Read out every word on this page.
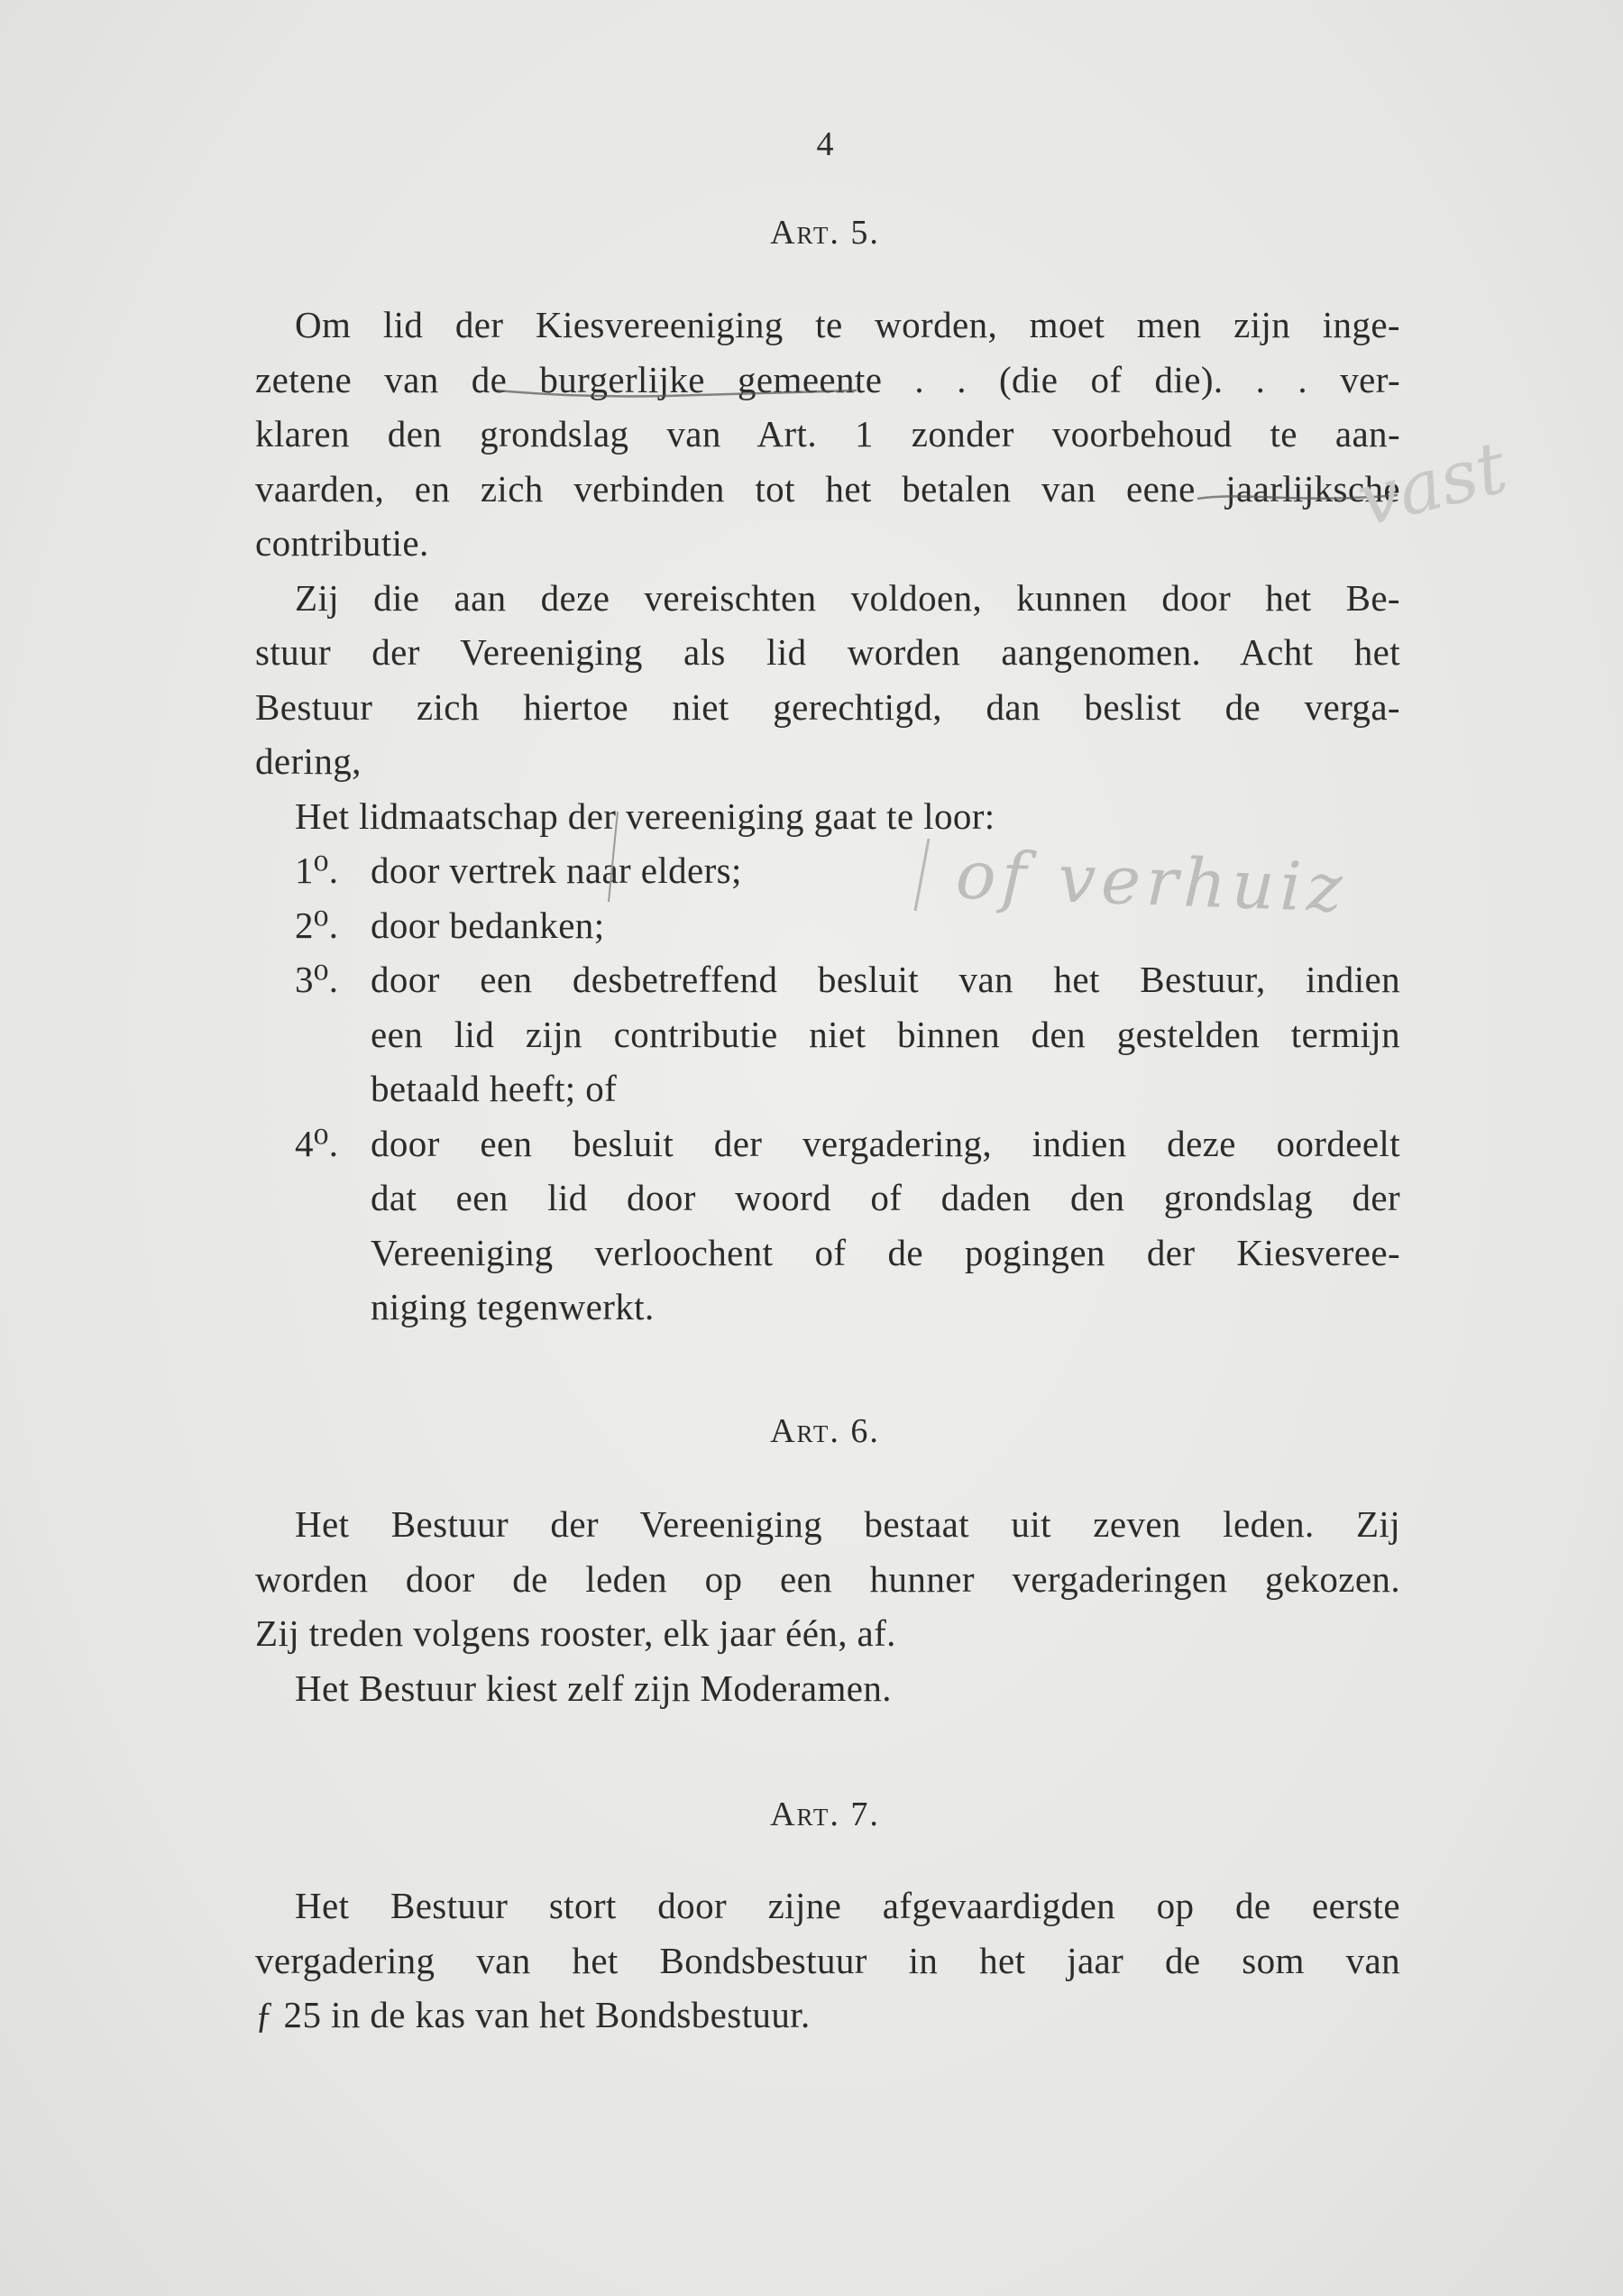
4
Art. 5.
Om lid der Kiesvereeniging te worden, moet men zijn inge-
zetene van de burgerlijke gemeente . . (die of die). . . ver-
klaren den grondslag van Art. 1 zonder voorbehoud te aan-
vaarden, en zich verbinden tot het betalen van eene jaarlijksche
contributie.
Zij die aan deze vereischten voldoen, kunnen door het Be-
stuur der Vereeniging als lid worden aangenomen. Acht het
Bestuur zich hiertoe niet gerechtigd, dan beslist de verga-
dering,
Het lidmaatschap der vereeniging gaat te loor:
1⁰. door vertrek naar elders;
2⁰. door bedanken;
3⁰. door een desbetreffend besluit van het Bestuur, indien
een lid zijn contributie niet binnen den gestelden termijn
betaald heeft; of
4⁰. door een besluit der vergadering, indien deze oordeelt
dat een lid door woord of daden den grondslag der
Vereeniging verloochent of de pogingen der Kiesveree-
niging tegenwerkt.
Art. 6.
Het Bestuur der Vereeniging bestaat uit zeven leden. Zij
worden door de leden op een hunner vergaderingen gekozen.
Zij treden volgens rooster, elk jaar één, af.
Het Bestuur kiest zelf zijn Moderamen.
Art. 7.
Het Bestuur stort door zijne afgevaardigden op de eerste
vergadering van het Bondsbestuur in het jaar de som van
ƒ 25 in de kas van het Bondsbestuur.
vast
of verhuiz
